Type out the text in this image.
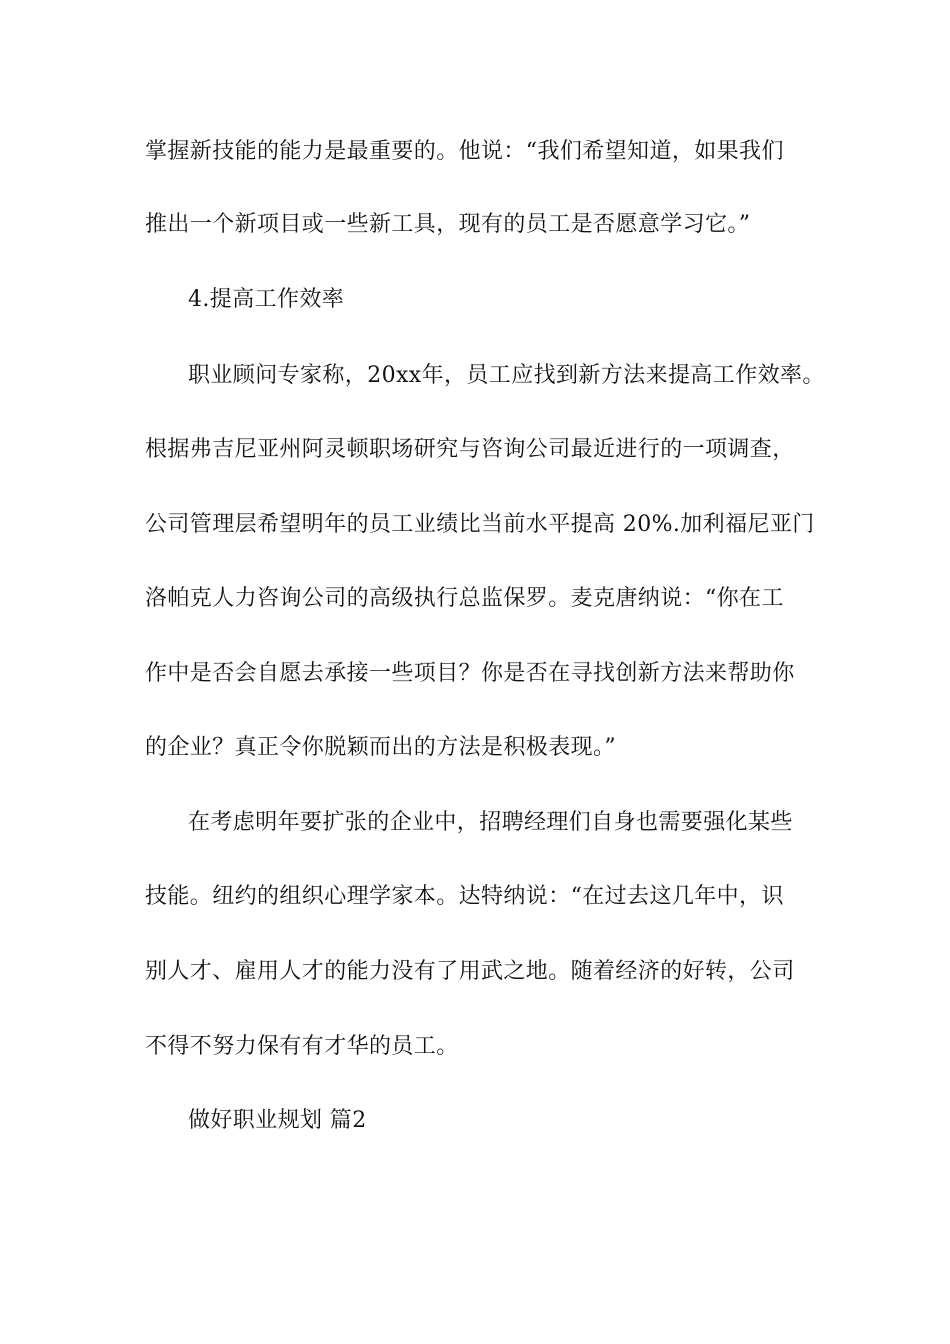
掌握新技能的能力是最重要的。他说：“我们希望知道，如果我们
推出一个新项目或一些新工具，现有的员工是否愿意学习它。”
4.提高工作效率
职业顾问专家称，20xx年，员工应找到新方法来提高工作效率。
根据弗吉尼亚州阿灵顿职场研究与咨询公司最近进行的一项调查，
公司管理层希望明年的员工业绩比当前水平提高 20%.加利福尼亚门
洛帕克人力咨询公司的高级执行总监保罗。麦克唐纳说：“你在工
作中是否会自愿去承接一些项目？你是否在寻找创新方法来帮助你
的企业？真正令你脱颖而出的方法是积极表现。”
在考虑明年要扩张的企业中，招聘经理们自身也需要强化某些
技能。纽约的组织心理学家本。达特纳说：“在过去这几年中，识
别人才、雇用人才的能力没有了用武之地。随着经济的好转，公司
不得不努力保有有才华的员工。
做好职业规划 篇2
